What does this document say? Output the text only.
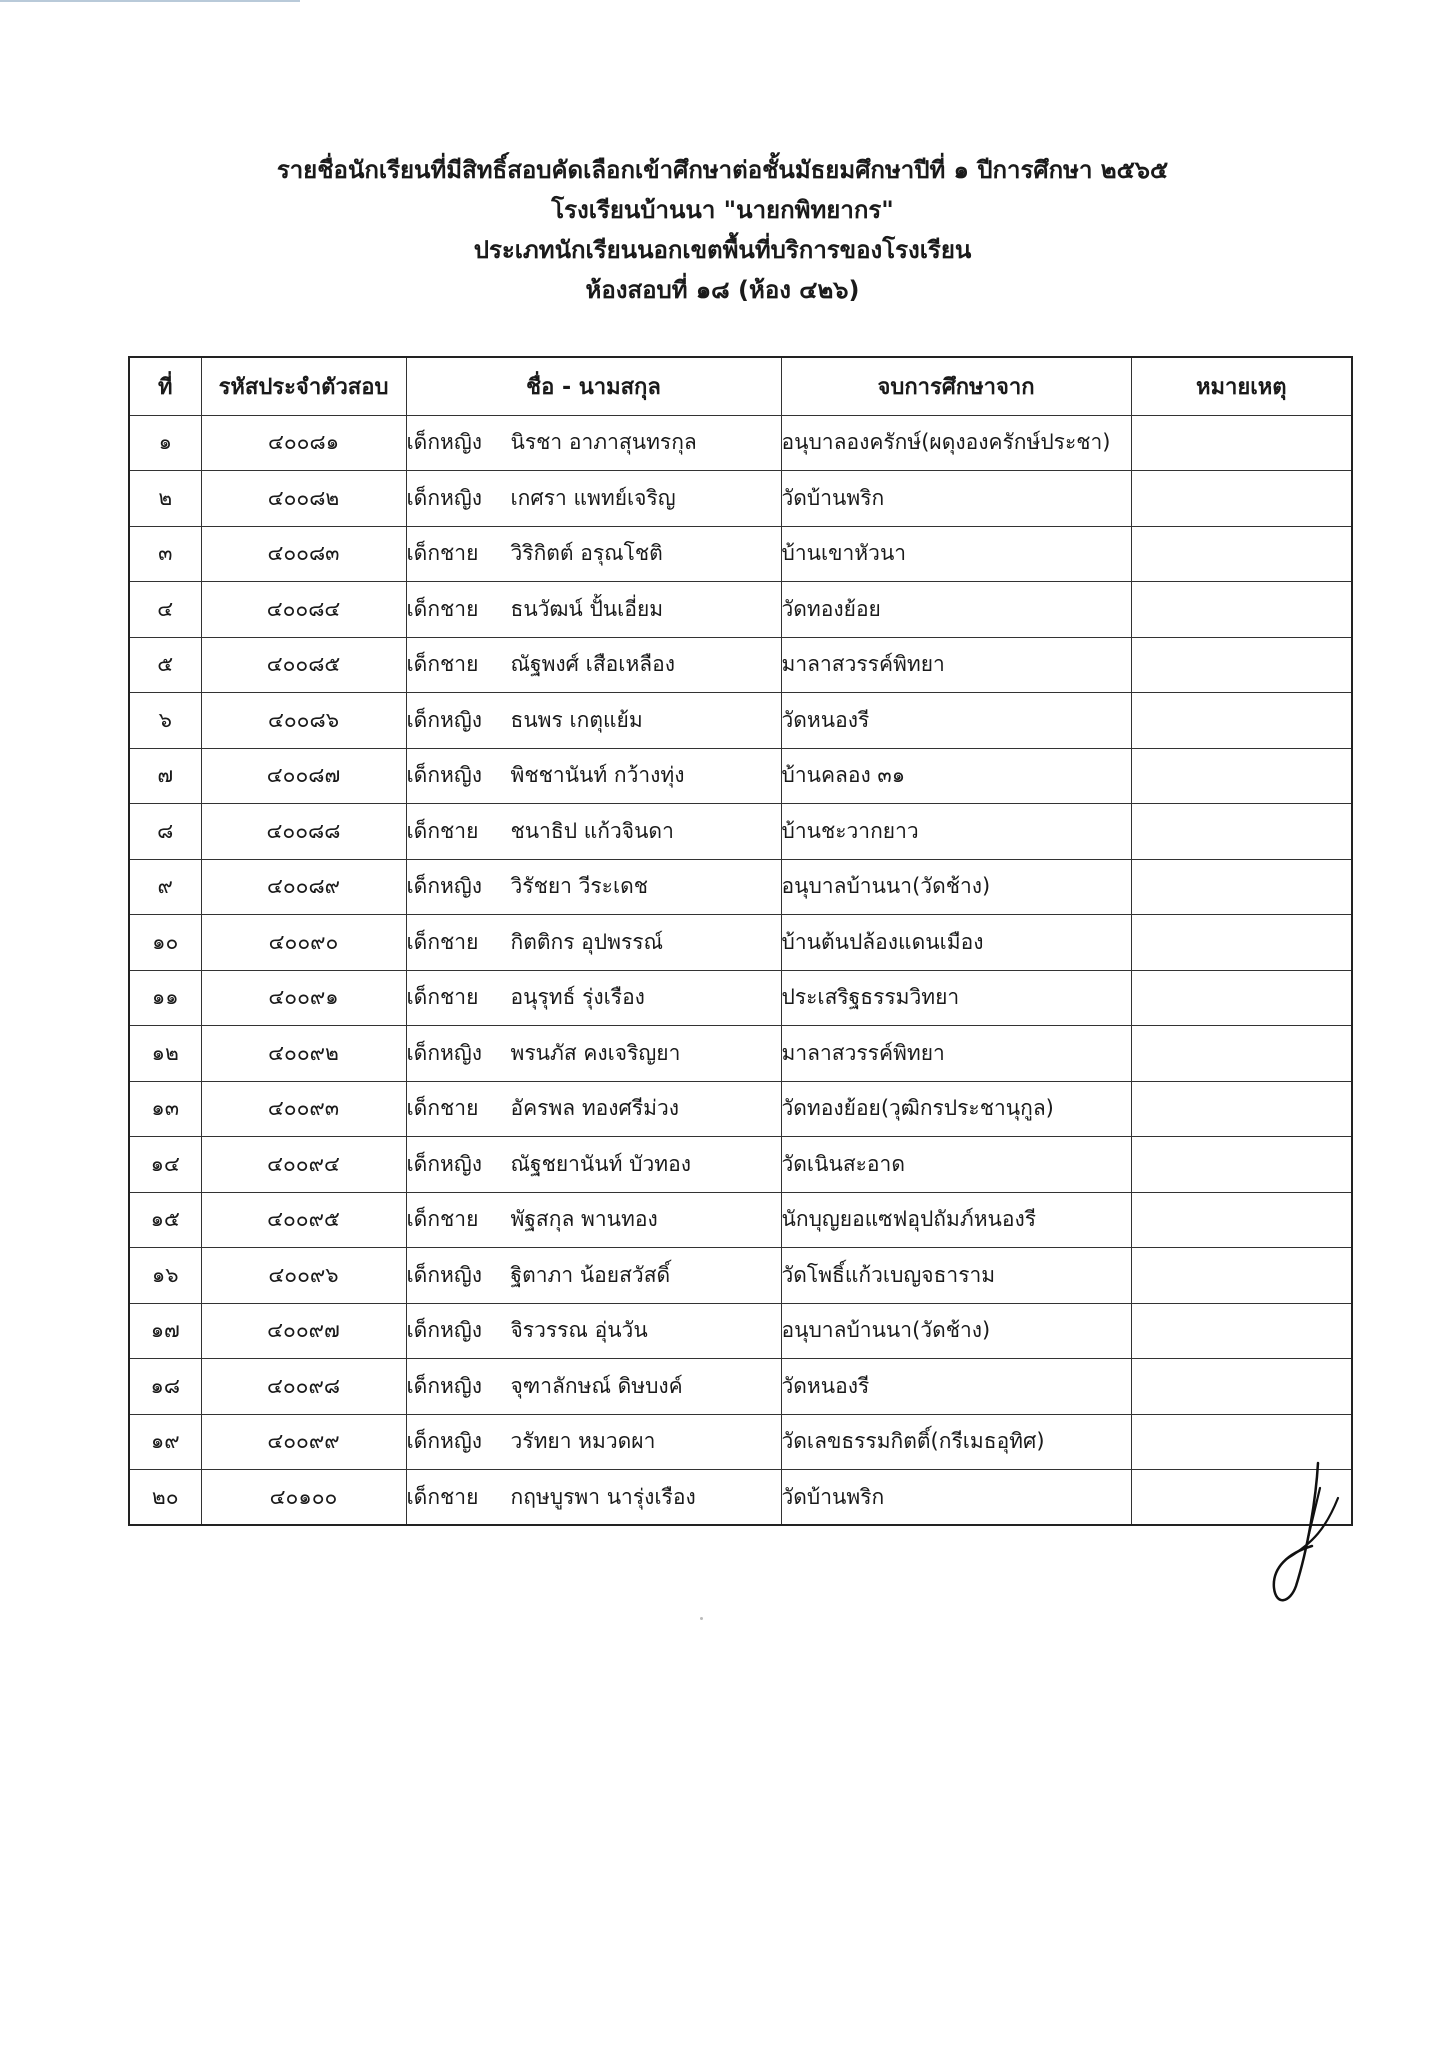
รายชื่อนักเรียนที่มีสิทธิ์สอบคัดเลือกเข้าศึกษาต่อชั้นมัธยมศึกษาปีที่ ๑ ปีการศึกษา ๒๕๖๕
โรงเรียนบ้านนา "นายกพิทยากร"
ประเภทนักเรียนนอกเขตพื้นที่บริการของโรงเรียน
ห้องสอบที่ ๑๘ (ห้อง ๔๒๖)
ที่	รหัสประจำตัวสอบ	ชื่อ - นามสกุล	จบการศึกษาจาก	หมายเหตุ
๑	๔๐๐๘๑	เด็กหญิง นิรชา อาภาสุนทรกุล	อนุบาลองครักษ์(ผดุงองครักษ์ประชา)	
๒	๔๐๐๘๒	เด็กหญิง เกศรา แพทย์เจริญ	วัดบ้านพริก	
๓	๔๐๐๘๓	เด็กชาย วิริกิตต์ อรุณโชติ	บ้านเขาหัวนา	
๔	๔๐๐๘๔	เด็กชาย ธนวัฒน์ ปั้นเอี่ยม	วัดทองย้อย	
๕	๔๐๐๘๕	เด็กชาย ณัฐพงศ์ เสือเหลือง	มาลาสวรรค์พิทยา	
๖	๔๐๐๘๖	เด็กหญิง ธนพร เกตุแย้ม	วัดหนองรี	
๗	๔๐๐๘๗	เด็กหญิง พิชชานันท์ กว้างทุ่ง	บ้านคลอง ๓๑	
๘	๔๐๐๘๘	เด็กชาย ชนาธิป แก้วจินดา	บ้านชะวากยาว	
๙	๔๐๐๘๙	เด็กหญิง วิรัชยา วีระเดช	อนุบาลบ้านนา(วัดช้าง)	
๑๐	๔๐๐๙๐	เด็กชาย กิตติกร อุปพรรณ์	บ้านต้นปล้องแดนเมือง	
๑๑	๔๐๐๙๑	เด็กชาย อนุรุทธ์ รุ่งเรือง	ประเสริฐธรรมวิทยา	
๑๒	๔๐๐๙๒	เด็กหญิง พรนภัส คงเจริญยา	มาลาสวรรค์พิทยา	
๑๓	๔๐๐๙๓	เด็กชาย อัครพล ทองศรีม่วง	วัดทองย้อย(วุฒิกรประชานุกูล)	
๑๔	๔๐๐๙๔	เด็กหญิง ณัฐชยานันท์ บัวทอง	วัดเนินสะอาด	
๑๕	๔๐๐๙๕	เด็กชาย พัฐสกุล พานทอง	นักบุญยอแซฟอุปถัมภ์หนองรี	
๑๖	๔๐๐๙๖	เด็กหญิง ฐิตาภา น้อยสวัสดิ์	วัดโพธิ์แก้วเบญจธาราม	
๑๗	๔๐๐๙๗	เด็กหญิง จิรวรรณ อุ่นวัน	อนุบาลบ้านนา(วัดช้าง)	
๑๘	๔๐๐๙๘	เด็กหญิง จุฑาลักษณ์ ดิษบงค์	วัดหนองรี	
๑๙	๔๐๐๙๙	เด็กหญิง วรัทยา หมวดผา	วัดเลขธรรมกิตติ์(กรีเมธอุทิศ)	
๒๐	๔๐๑๐๐	เด็กชาย กฤษบูรพา นารุ่งเรือง	วัดบ้านพริก	
